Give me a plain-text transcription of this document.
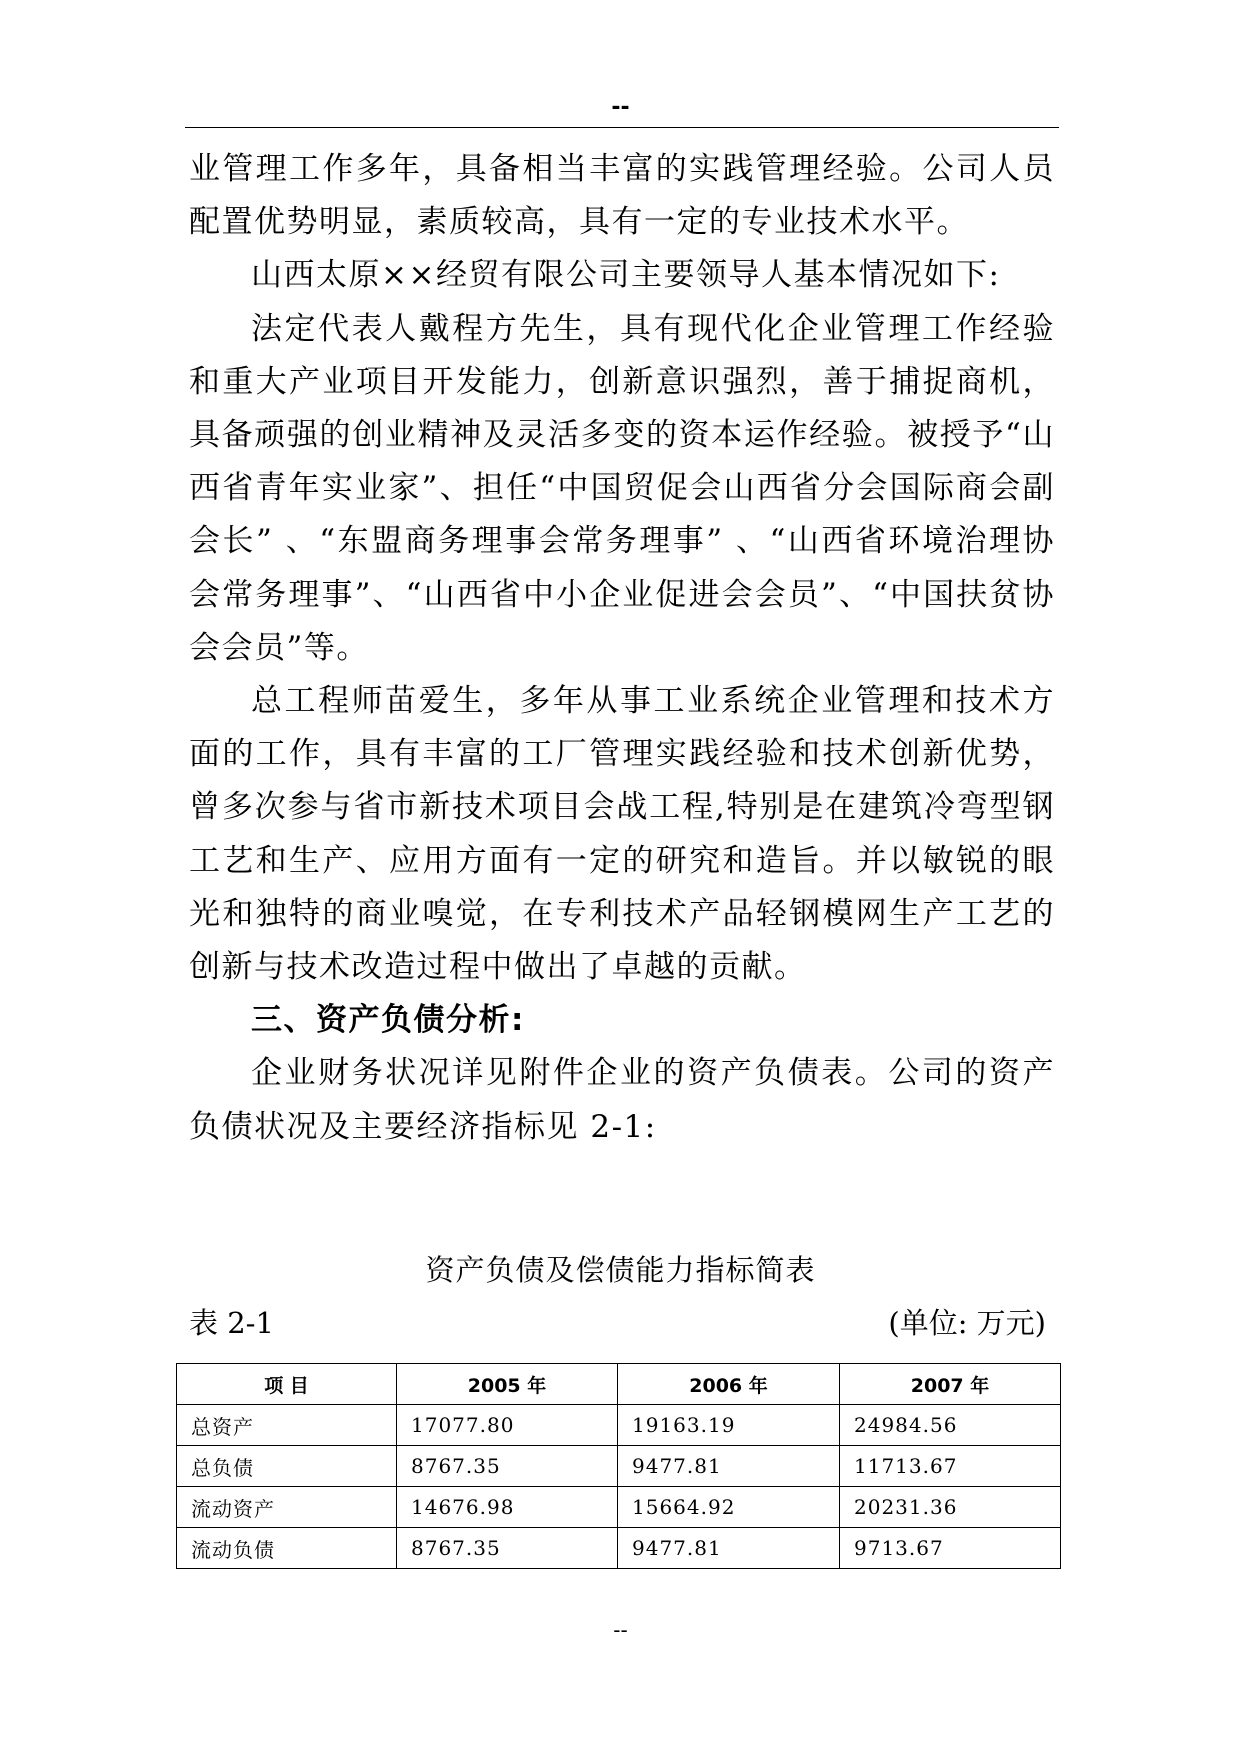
--

业管理工作多年，具备相当丰富的实践管理经验。公司人员配置优势明显，素质较高，具有一定的专业技术水平。

山西太原××经贸有限公司主要领导人基本情况如下:

法定代表人戴程方先生，具有现代化企业管理工作经验和重大产业项目开发能力，创新意识强烈，善于捕捉商机，具备顽强的创业精神及灵活多变的资本运作经验。被授予“山西省青年实业家”、担任“中国贸促会山西省分会国际商会副会长” 、“东盟商务理事会常务理事” 、“山西省环境治理协会常务理事”、“山西省中小企业促进会会员”、“中国扶贫协会会员”等。

总工程师苗爱生，多年从事工业系统企业管理和技术方面的工作，具有丰富的工厂管理实践经验和技术创新优势，曾多次参与省市新技术项目会战工程,特别是在建筑冷弯型钢工艺和生产、应用方面有一定的研究和造旨。并以敏锐的眼光和独特的商业嗅觉，在专利技术产品轻钢模网生产工艺的创新与技术改造过程中做出了卓越的贡献。

三、资产负债分析:

企业财务状况详见附件企业的资产负债表。公司的资产负债状况及主要经济指标见 2-1:

资产负债及偿债能力指标简表
表 2-1	(单位: 万元)
项 目	2005 年	2006 年	2007 年
总资产	17077.80	19163.19	24984.56
总负债	8767.35	9477.81	11713.67
流动资产	14676.98	15664.92	20231.36
流动负债	8767.35	9477.81	9713.67
--
